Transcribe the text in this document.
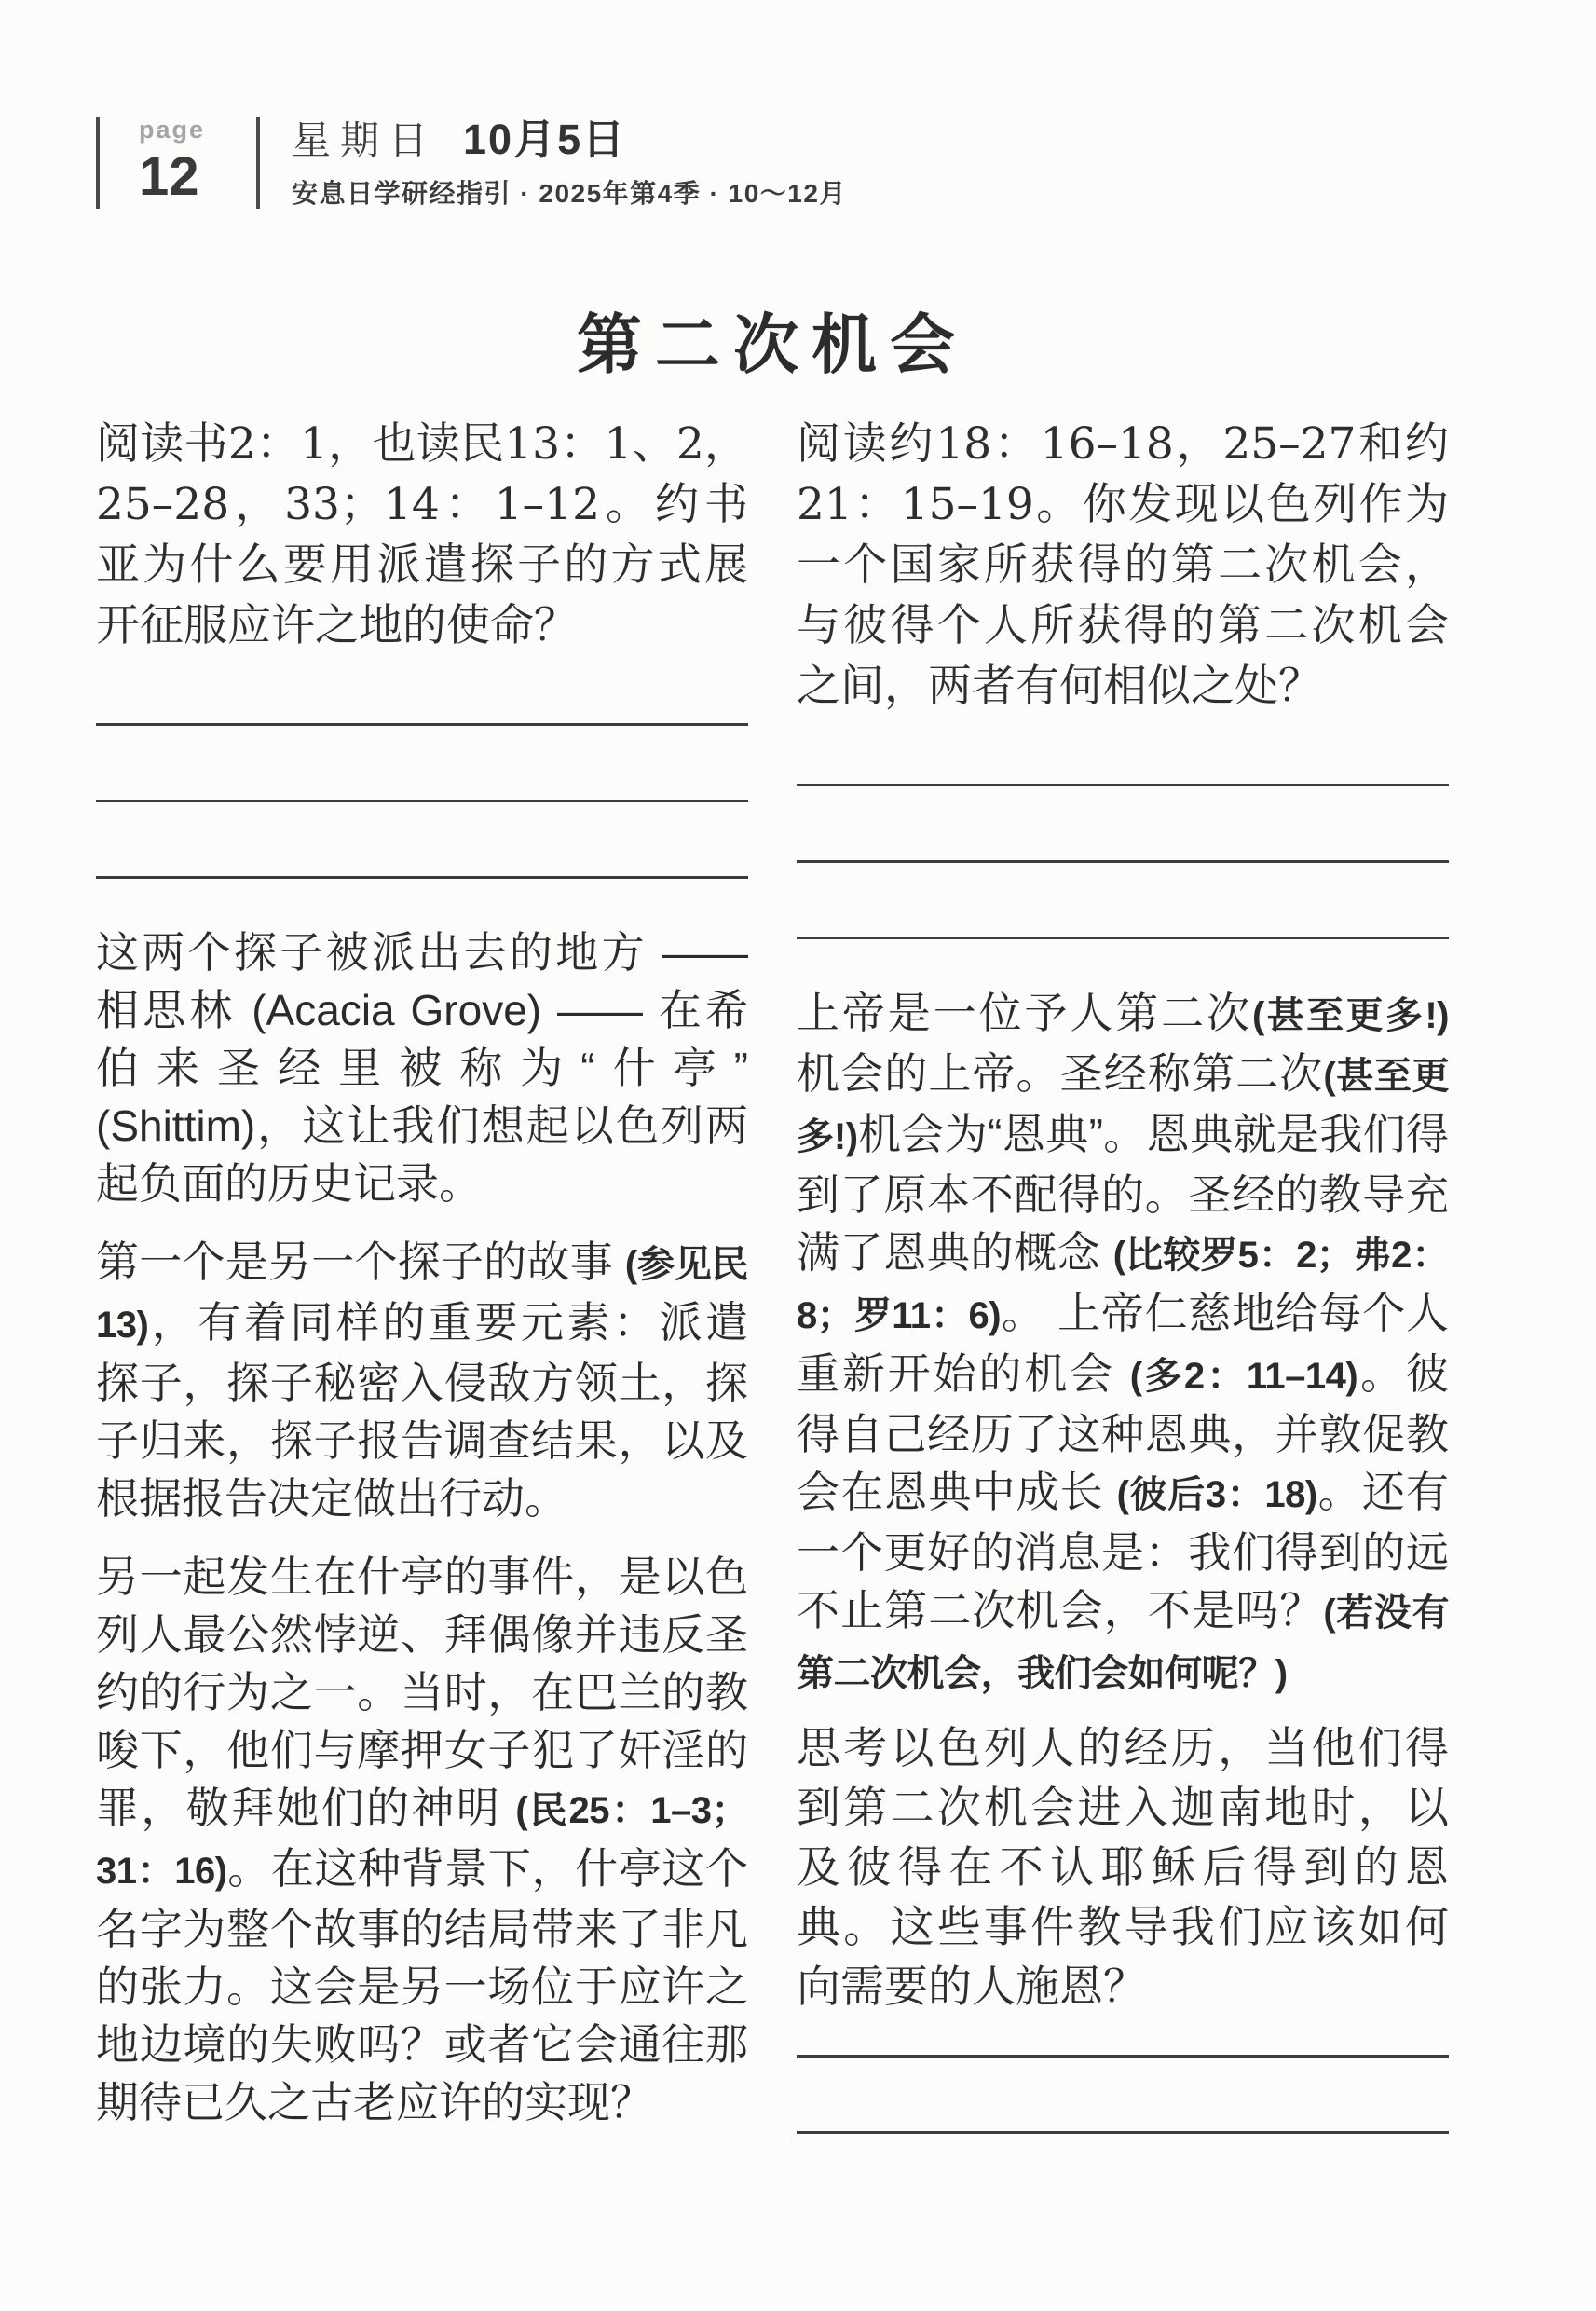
page
12
星期日 10月5日
安息日学研经指引 · 2025年第4季 · 10～12月
第二次机会

阅读书2：1，也读民13：1、2，25–28，33；14：1–12。约书亚为什么要用派遣探子的方式展开征服应许之地的使命？

这两个探子被派出去的地方 —— 相思林 (Acacia Grove) —— 在希伯来圣经里被称为“什亭” (Shittim)，这让我们想起以色列两起负面的历史记录。

第一个是另一个探子的故事 (参见民13)，有着同样的重要元素：派遣探子，探子秘密入侵敌方领土，探子归来，探子报告调查结果，以及根据报告决定做出行动。

另一起发生在什亭的事件，是以色列人最公然悖逆、拜偶像并违反圣约的行为之一。当时，在巴兰的教唆下，他们与摩押女子犯了奸淫的罪，敬拜她们的神明 (民25：1–3；31：16)。在这种背景下，什亭这个名字为整个故事的结局带来了非凡的张力。这会是另一场位于应许之地边境的失败吗？或者它会通往那期待已久之古老应许的实现？

阅读约18：16–18，25–27和约21：15–19。你发现以色列作为一个国家所获得的第二次机会，与彼得个人所获得的第二次机会之间，两者有何相似之处？

上帝是一位予人第二次(甚至更多!)机会的上帝。圣经称第二次(甚至更多!)机会为“恩典”。恩典就是我们得到了原本不配得的。圣经的教导充满了恩典的概念 (比较罗5：2；弗2：8；罗11：6)。 上帝仁慈地给每个人重新开始的机会 (多2：11–14)。彼得自己经历了这种恩典，并敦促教会在恩典中成长 (彼后3：18)。还有一个更好的消息是：我们得到的远不止第二次机会，不是吗？(若没有第二次机会，我们会如何呢？)

思考以色列人的经历，当他们得到第二次机会进入迦南地时，以及彼得在不认耶稣后得到的恩典。这些事件教导我们应该如何向需要的人施恩？
